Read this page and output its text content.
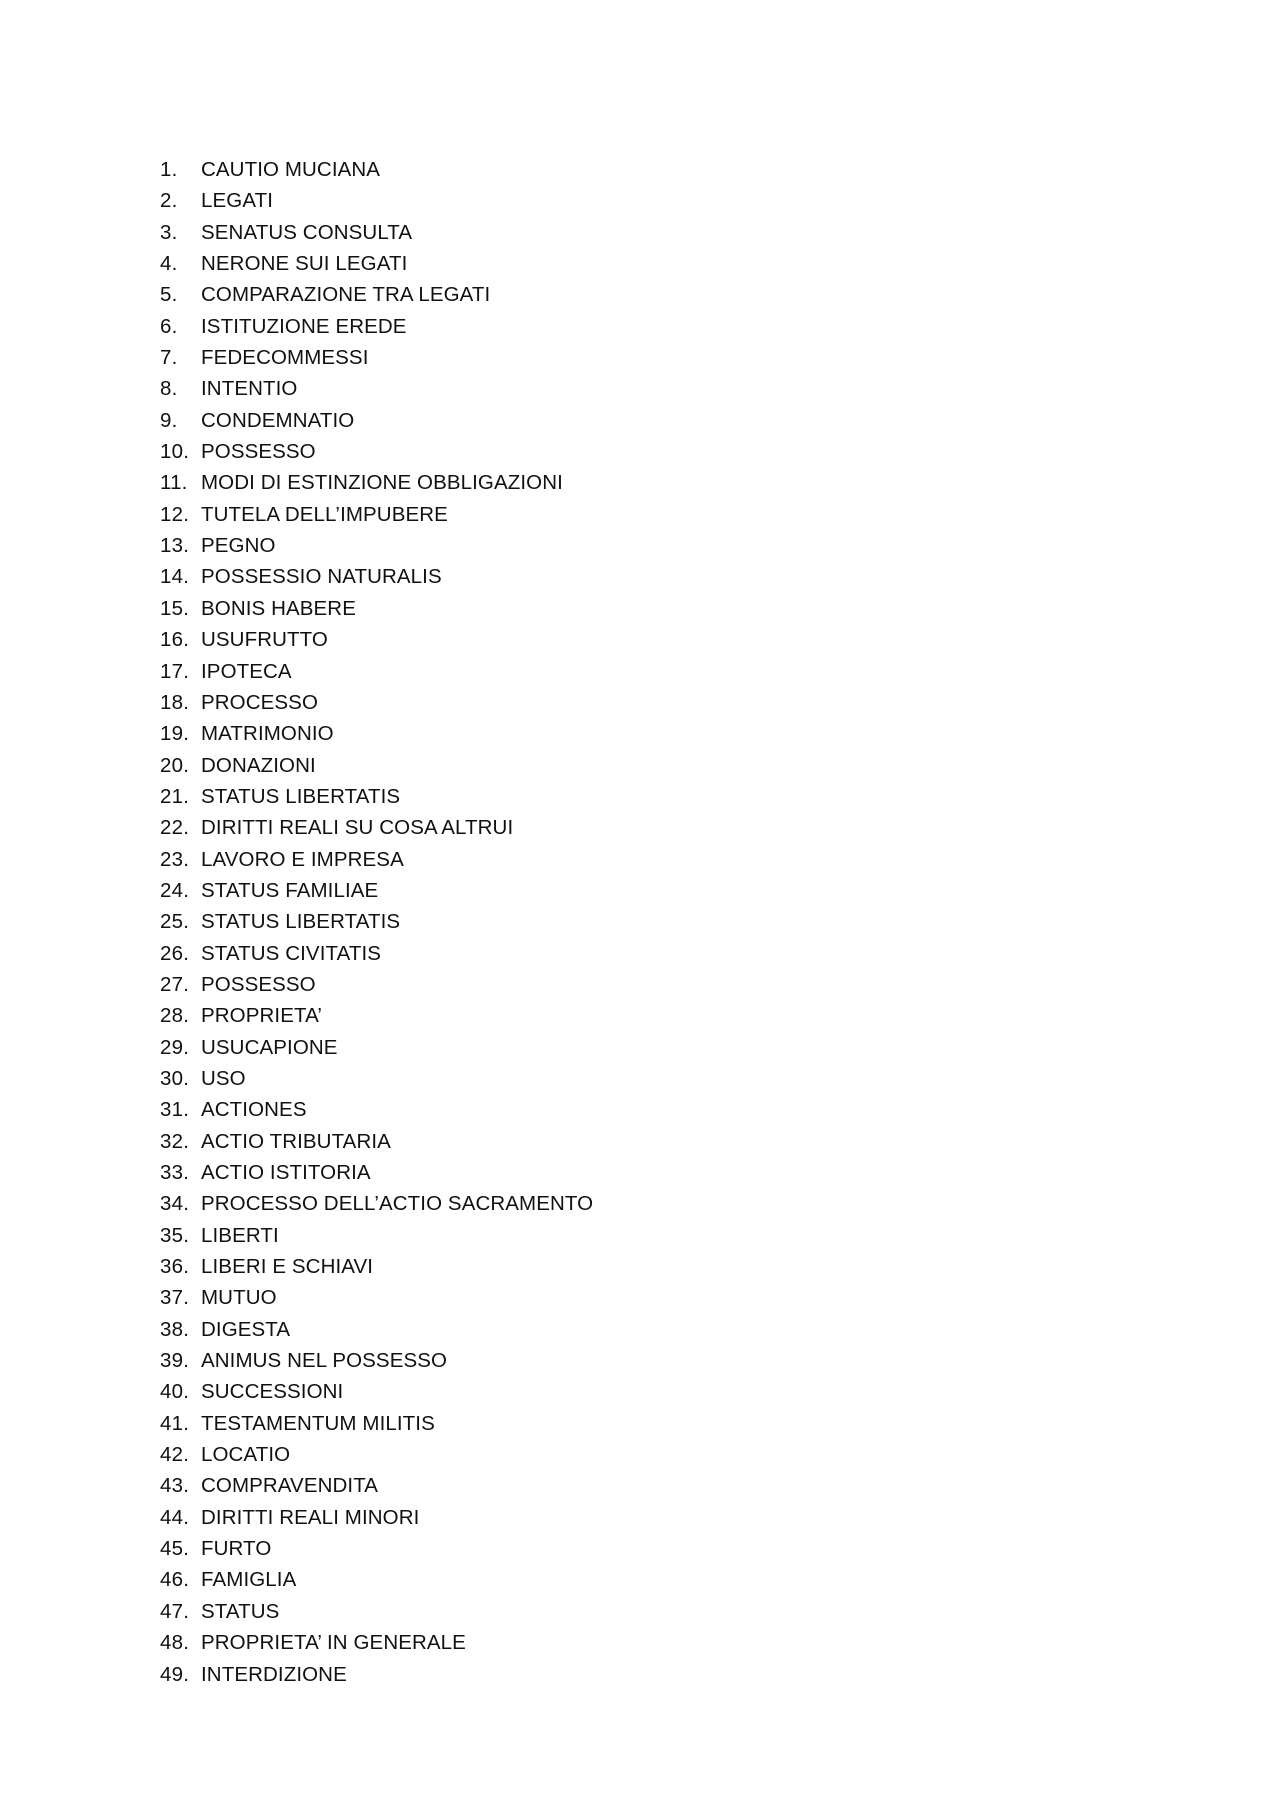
1.	CAUTIO MUCIANA
2.	LEGATI
3.	SENATUS CONSULTA
4.	NERONE SUI LEGATI
5.	COMPARAZIONE TRA LEGATI
6.	ISTITUZIONE EREDE
7.	FEDECOMMESSI
8.	INTENTIO
9.	CONDEMNATIO
10. POSSESSO
11. MODI DI ESTINZIONE OBBLIGAZIONI
12. TUTELA DELL’IMPUBERE
13. PEGNO
14. POSSESSIO NATURALIS
15. BONIS HABERE
16. USUFRUTTO
17. IPOTECA
18. PROCESSO
19. MATRIMONIO
20. DONAZIONI
21. STATUS LIBERTATIS
22. DIRITTI REALI SU COSA ALTRUI
23. LAVORO E IMPRESA
24. STATUS FAMILIAE
25. STATUS LIBERTATIS
26. STATUS CIVITATIS
27. POSSESSO
28. PROPRIETA’
29. USUCAPIONE
30. USO
31. ACTIONES
32. ACTIO TRIBUTARIA
33. ACTIO ISTITORIA
34. PROCESSO DELL’ACTIO SACRAMENTO
35. LIBERTI
36. LIBERI E SCHIAVI
37. MUTUO
38. DIGESTA
39. ANIMUS NEL POSSESSO
40. SUCCESSIONI
41. TESTAMENTUM MILITIS
42. LOCATIO
43. COMPRAVENDITA
44. DIRITTI REALI MINORI
45. FURTO
46. FAMIGLIA
47. STATUS
48. PROPRIETA’ IN GENERALE
49. INTERDIZIONE
